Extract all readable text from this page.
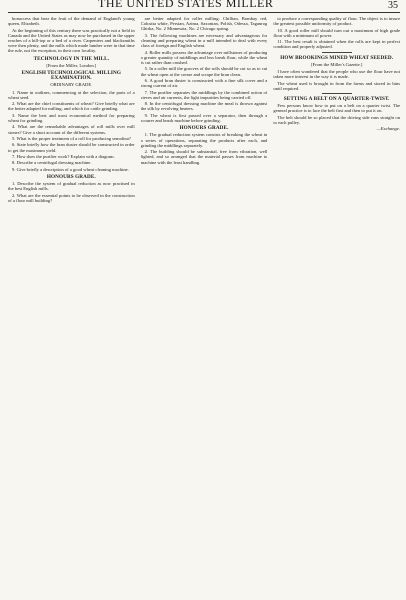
THE UNITED STATES MILLER	35

bonaccess that bear the fruit of the demand of England's young queen, Elizabeth.

At the beginning of this century there was practically not a field in Canada and the United States as may now be purchased in the upper reaches of a hill-top or a bed of a river. Carpenters and blacksmiths were then plenty, and the mills which made lumber were in that time the rule, not the exception, in their own locality.

TECHNOLOGY IN THE MILL.
[From the Miller, London.]
ENGLISH TECHNOLOGICAL MILLING EXAMINATION.
ORDINARY GRADE.

1. Name in outlines, commencing at the selection, the parts of a wheat seed.

2. What are the chief constituents of wheat? Give briefly what are the better adapted for milling, and which for cattle grinding.

3. Name the best and most economical method for preparing wheat for grinding.

4. What are the remarkable advantages of roll mills over mill stones? Give a short account of the different systems.

5. What is the proper treatment of a roll for producing semolina?

6. State briefly how the bran duster should be constructed in order to get the maximum yield.

7. How does the purifier work? Explain with a diagram.

8. Describe a centrifugal dressing machine.

9. Give briefly a description of a good wheat cleaning machine.

HONOURS GRADE.

1. Describe the system of gradual reduction as now practised in the best English mills.

2. What are the essential points to be observed in the construction of a flour mill building?

are better adapted for roller milling: Chillian, Bombay red, Calcutta white, Persian, Azima, Saxonian, Polish, Odessa, Taganrog Ghirka, No. 2 Minnesota, No. 2 Chicago spring.

3. The following machines are necessary and advantageous for cleaning and preparing wheat in a mill intended to deal with every class of foreign and English wheat.

4. Roller mills possess the advantage over millstones of producing a greater quantity of middlings and less break flour, while the wheat is cut rather than crushed.

5. In a roller mill the grooves of the rolls should be cut so as to cut the wheat open at the crease and scrape the bran clean.

6. A good bran duster is constructed with a fine silk cover and a strong current of air.

7. The purifier separates the middlings by the combined action of sieves and air currents, the light impurities being carried off.

8. In the centrifugal dressing machine the meal is thrown against the silk by revolving beaters.

9. The wheat is first passed over a separator, then through a scourer and brush machine before grinding.

HONOURS GRADE.

1. The gradual reduction system consists of breaking the wheat in a series of operations, separating the products after each, and grinding the middlings separately.

2. The building should be substantial, free from vibration, well lighted, and so arranged that the material passes from machine to machine with the least handling.

to produce a corresponding quality of flour. The object is to insure the greatest possible uniformity of product.

10. A good roller mill should turn out a maximum of high grade flour with a minimum of power.

11. The best result is obtained when the rolls are kept in perfect condition and properly adjusted.

HOW BROOKINGS MINED WHEAT SEEDED.
[From the Miller's Gazette.]

I have often wondered that the people who use the flour have not taken more interest in the way it is made.

The wheat used is brought in from the farms and stored in bins until required.

SETTING A BELT ON A QUARTER-TWIST.

Few persons know how to put on a belt on a quarter twist. The general practice is to lace the belt first and then to put it on.

The belt should be so placed that the driving side runs straight on to each pulley.

—Exchange.
